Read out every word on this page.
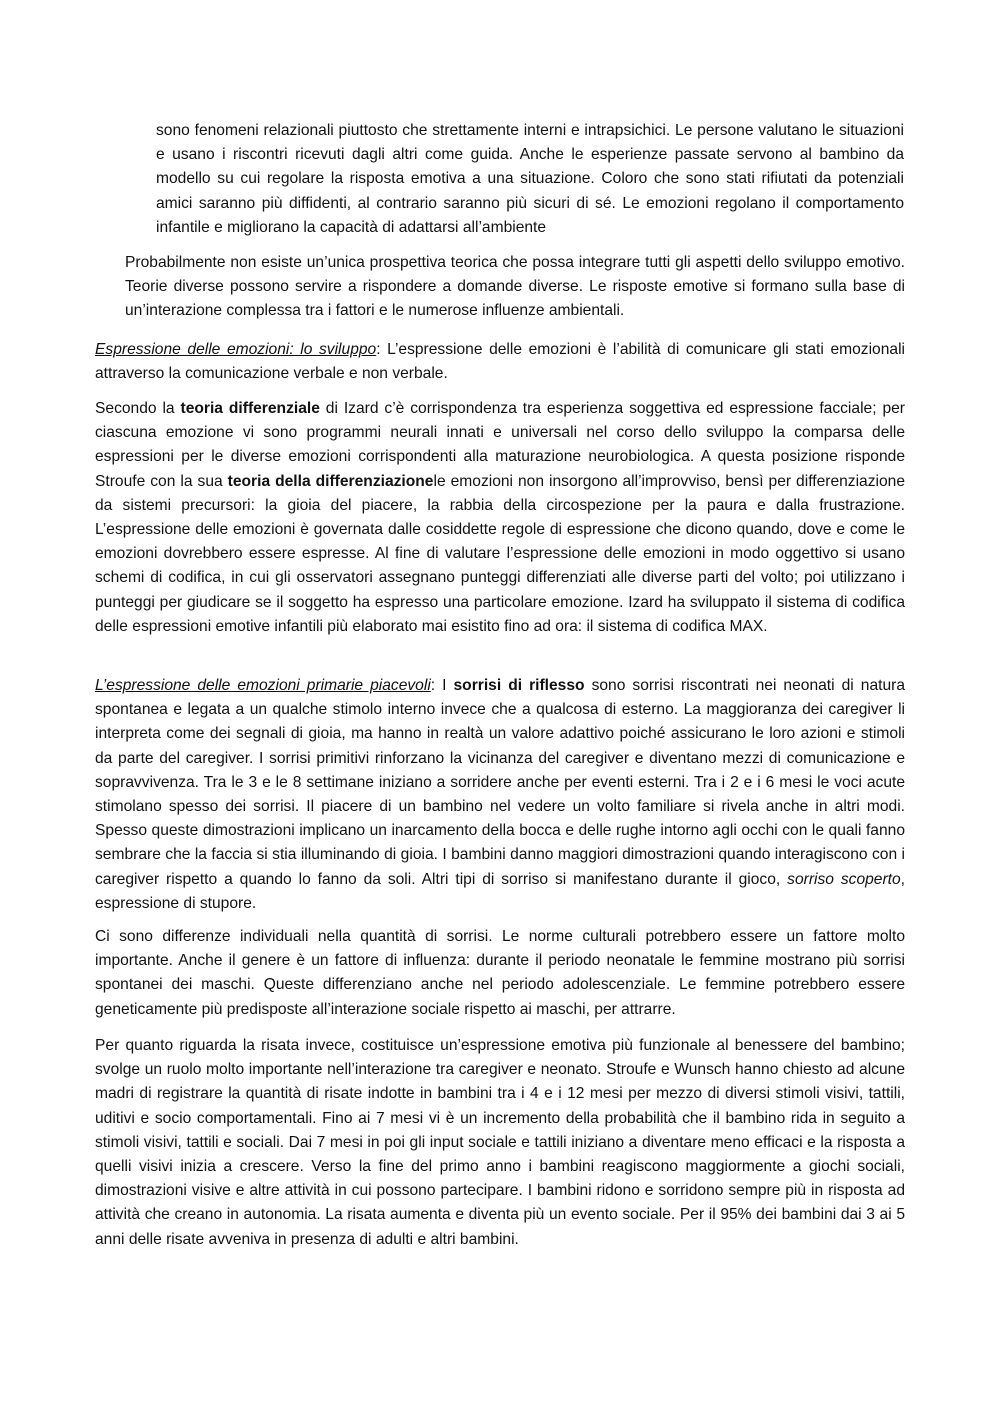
sono fenomeni relazionali piuttosto che strettamente interni e intrapsichici. Le persone valutano le situazioni e usano i riscontri ricevuti dagli altri come guida. Anche le esperienze passate servono al bambino da modello su cui regolare la risposta emotiva a una situazione. Coloro che sono stati rifiutati da potenziali amici saranno più diffidenti, al contrario saranno più sicuri di sé. Le emozioni regolano il comportamento infantile e migliorano la capacità di adattarsi all’ambiente

Probabilmente non esiste un’unica prospettiva teorica che possa integrare tutti gli aspetti dello sviluppo emotivo. Teorie diverse possono servire a rispondere a domande diverse. Le risposte emotive si formano sulla base di un’interazione complessa tra i fattori e le numerose influenze ambientali.

Espressione delle emozioni: lo sviluppo: L’espressione delle emozioni è l’abilità di comunicare gli stati emozionali attraverso la comunicazione verbale e non verbale.

Secondo la teoria differenziale di Izard c’è corrispondenza tra esperienza soggettiva ed espressione facciale; per ciascuna emozione vi sono programmi neurali innati e universali nel corso dello sviluppo la comparsa delle espressioni per le diverse emozioni corrispondenti alla maturazione neurobiologica. A questa posizione risponde Stroufe con la sua teoria della differenziazionele emozioni non insorgono all’improvviso, bensì per differenziazione da sistemi precursori: la gioia del piacere, la rabbia della circospezione per la paura e dalla frustrazione. L’espressione delle emozioni è governata dalle cosiddette regole di espressione che dicono quando, dove e come le emozioni dovrebbero essere espresse. Al fine di valutare l’espressione delle emozioni in modo oggettivo si usano schemi di codifica, in cui gli osservatori assegnano punteggi differenziati alle diverse parti del volto; poi utilizzano i punteggi per giudicare se il soggetto ha espresso una particolare emozione. Izard ha sviluppato il sistema di codifica delle espressioni emotive infantili più elaborato mai esistito fino ad ora: il sistema di codifica MAX.

L’espressione delle emozioni primarie piacevoli: I sorrisi di riflesso sono sorrisi riscontrati nei neonati di natura spontanea e legata a un qualche stimolo interno invece che a qualcosa di esterno. La maggioranza dei caregiver li interpreta come dei segnali di gioia, ma hanno in realtà un valore adattivo poiché assicurano le loro azioni e stimoli da parte del caregiver. I sorrisi primitivi rinforzano la vicinanza del caregiver e diventano mezzi di comunicazione e sopravvivenza. Tra le 3 e le 8 settimane iniziano a sorridere anche per eventi esterni. Tra i 2 e i 6 mesi le voci acute stimolano spesso dei sorrisi. Il piacere di un bambino nel vedere un volto familiare si rivela anche in altri modi. Spesso queste dimostrazioni implicano un inarcamento della bocca e delle rughe intorno agli occhi con le quali fanno sembrare che la faccia si stia illuminando di gioia. I bambini danno maggiori dimostrazioni quando interagiscono con i caregiver rispetto a quando lo fanno da soli. Altri tipi di sorriso si manifestano durante il gioco, sorriso scoperto, espressione di stupore.

Ci sono differenze individuali nella quantità di sorrisi. Le norme culturali potrebbero essere un fattore molto importante. Anche il genere è un fattore di influenza: durante il periodo neonatale le femmine mostrano più sorrisi spontanei dei maschi. Queste differenziano anche nel periodo adolescenziale. Le femmine potrebbero essere geneticamente più predisposte all’interazione sociale rispetto ai maschi, per attrarre.

Per quanto riguarda la risata invece, costituisce un’espressione emotiva più funzionale al benessere del bambino; svolge un ruolo molto importante nell’interazione tra caregiver e neonato. Stroufe e Wunsch hanno chiesto ad alcune madri di registrare la quantità di risate indotte in bambini tra i 4 e i 12 mesi per mezzo di diversi stimoli visivi, tattili, uditivi e socio comportamentali. Fino ai 7 mesi vi è un incremento della probabilità che il bambino rida in seguito a stimoli visivi, tattili e sociali. Dai 7 mesi in poi gli input sociale e tattili iniziano a diventare meno efficaci e la risposta a quelli visivi inizia a crescere. Verso la fine del primo anno i bambini reagiscono maggiormente a giochi sociali, dimostrazioni visive e altre attività in cui possono partecipare. I bambini ridono e sorridono sempre più in risposta ad attività che creano in autonomia. La risata aumenta e diventa più un evento sociale. Per il 95% dei bambini dai 3 ai 5 anni delle risate avveniva in presenza di adulti e altri bambini.
